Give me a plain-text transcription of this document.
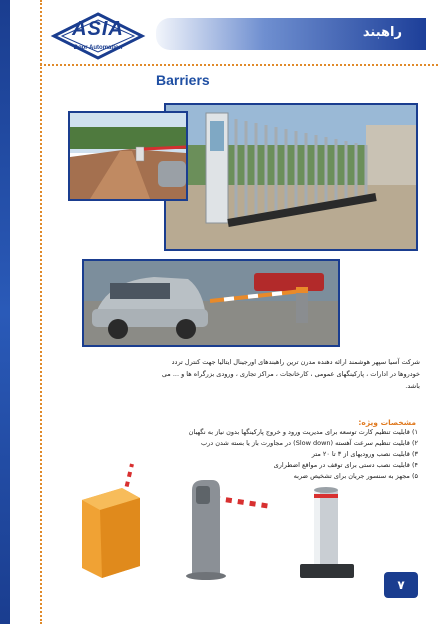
ASIA
Door Automation
راهبند
Barriers

شرکت آسیا سپهر هوشمند ارائه دهنده مدرن ترین راهبندهای اورجینال ایتالیا جهت کنترل تردد خودروها در ادارات ، پارکینگهای عمومی ، کارخانجات ، مراکز تجاری ، ورودی بزرگراه ها و ... می باشد.

مشخصات ویژه:
۱) قابلیت تنظیم کارت توسعه برای مدیریت ورود و خروج پارکینگها بدون نیاز به نگهبان
۲) قابلیت تنظیم سرعت آهسته (Slow down) در مجاورت باز یا بسته شدن درب
۳) قابلیت نصب ورودیهای از ۳ تا ۲۰ متر
۴) قابلیت نصب دستی برای توقف در مواقع اضطراری
۵) مجهز به سنسور جریان برای تشخیص ضربه
۷
